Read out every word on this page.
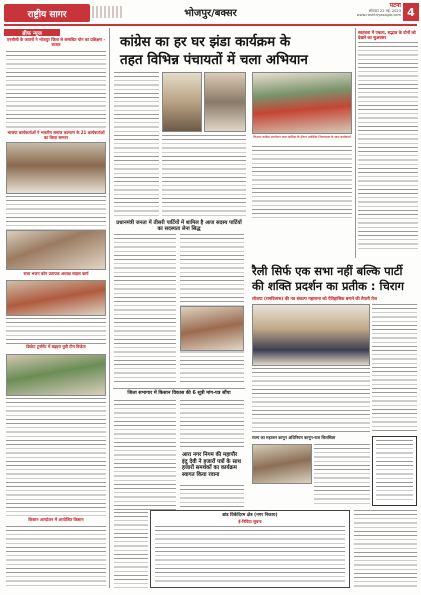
राष्ट्रीय सागर	भोजपुर/बक्सर
पटना
सोमवार 22 मई, 2023
www.rashtriyasagar.com 4
ब्रीफ न्यूज
एनसीसी के जवानों ने भोजपुर जिला से सम्बंधित योग का प्रशिक्षण - बाजार
भाजपा कार्यकर्ताओं ने भारतीय समाज कल्याण के 21 कार्यकर्ताओं का किया सम्मान
राजा भजन कोन प्रतापक अध्यक्ष साहस कार्य
क्रिकेट टूर्नामेंट में बड़हरा युवी टीम विजेता
किसान आन्दोलन में आयोजित किसान
कांग्रेस का हर घर झंडा कार्यक्रम के
तहत विभिन्न पंचायतों में चला अभियान
किशान कांग्रेस आयोजन माना समीक्षा के दौरान उपस्थित जिलाध्यक्ष के साथ कार्यकर्ता
स्वतंत्रता में एकता, सद्भाव के दोनों को देखने का सुअवसर
प्रधानमंत्री जनता में तीसरी पार्टियों में शामिल है आज सदस्य पार्टियों का सदस्यता लेना सिद्ध
रैली सिर्फ एक सभा नहीं बल्कि पार्टी
की शक्ति प्रदर्शन का प्रतीक : चिराग
लोजपा (रामविलास) की नव संकल्प महासभा को ऐतिहासिक बनाने की तैयारी तेज
जिला सभागार में किसान विकास की 6 सूत्री मांग-पत्र सौंपा
आरा नगर निगम की महापौर इंदु देवी ने हजारों पत्रों के साथ हजारों समर्थकों का कार्यक्रम स्वागत किया रवाना
राज्य का महाजन कानून अधिनियम कानून-राज सिलसिला
ब्रांड विकेंदिरम क्षेत्र (नगर निकाय)
ई-निविदा सूचना
